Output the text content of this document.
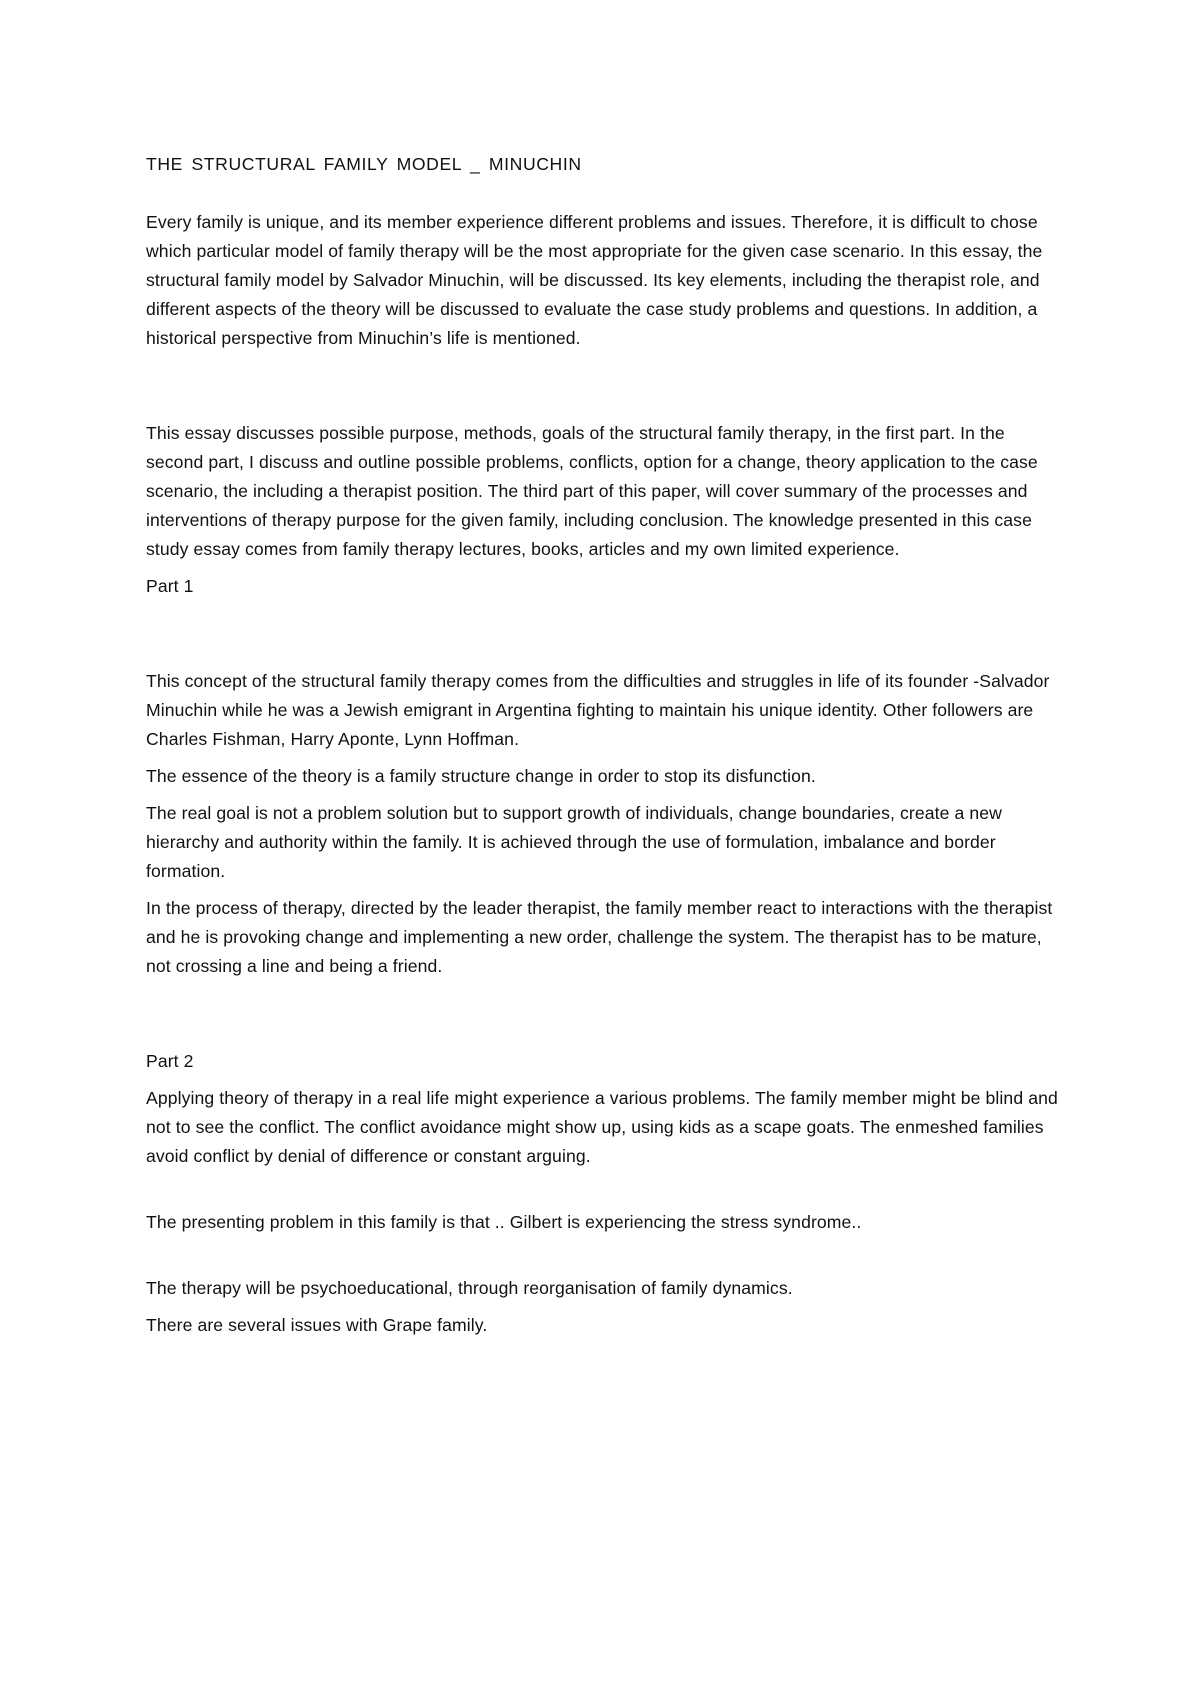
THE STRUCTURAL FAMILY MODEL _ MINUCHIN

Every family is unique, and its member experience different problems and issues. Therefore, it is difficult to chose which particular model of family therapy will be the most appropriate for the given case scenario. In this essay, the structural family model by Salvador Minuchin, will be discussed. Its key elements, including the therapist role, and different aspects of the theory will be discussed to evaluate the case study problems and questions. In addition, a historical perspective from Minuchin’s life is mentioned.

This essay discusses possible purpose, methods, goals of the structural family therapy, in the first part. In the second part, I discuss and outline possible problems, conflicts, option for a change, theory application to the case scenario, the including a therapist position. The third part of this paper, will cover summary of the processes and interventions of therapy purpose for the given family, including conclusion. The knowledge presented in this case study essay comes from family therapy lectures, books, articles and my own limited experience.

Part 1

This concept of the structural family therapy comes from the difficulties and struggles in life of its founder -Salvador Minuchin while he was a Jewish emigrant in Argentina fighting to maintain his unique identity. Other followers are Charles Fishman, Harry Aponte, Lynn Hoffman.

The essence of the theory is a family structure change in order to stop its disfunction.

The real goal is not a problem solution but to support growth of individuals, change boundaries, create a new hierarchy and authority within the family. It is achieved through the use of formulation, imbalance and border formation.

In the process of therapy, directed by the leader therapist, the family member react to interactions with the therapist and he is provoking change and implementing a new order, challenge the system. The therapist has to be mature, not crossing a line and being a friend.

Part 2

Applying theory of therapy in a real life might experience a various problems. The family member might be blind and not to see the conflict. The conflict avoidance might show up, using kids as a scape goats. The enmeshed families avoid conflict by denial of difference or constant arguing.

The presenting problem in this family is that .. Gilbert is experiencing the stress syndrome..

The therapy will be psychoeducational, through reorganisation of family dynamics.

There are several issues with Grape family.
